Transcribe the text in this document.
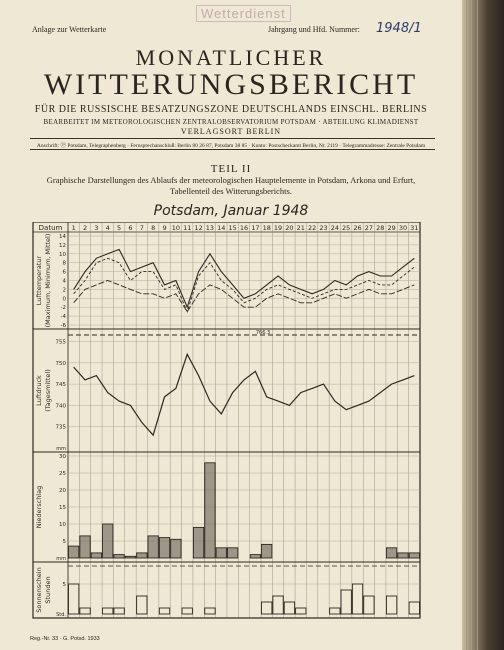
Anlage zur Wetterkarte	Jahrgang und Hfd. Nummer: 1948/1
Wetterdienst
MONATLICHER
WITTERUNGSBERICHT
FÜR DIE RUSSISCHE BESATZUNGSZONE DEUTSCHLANDS EINSCHL. BERLINS
BEARBEITET IM METEOROLOGISCHEN ZENTRALOBSERVATORIUM POTSDAM · ABTEILUNG KLIMADIENST
VERLAGSORT BERLIN
Anschrift: Ⓟ Potsdam, Telegraphenberg · Fernsprechanschluß: Berlin 80 26 87, Potsdam 38 85 · Konto: Postscheckamt Berlin, Nr. 2119 · Telegrammadresse: Zentrale Potsdam
TEIL II
Graphische Darstellungen des Ablaufs der meteorologischen Hauptelemente in Potsdam, Arkona und Erfurt,
Tabellenteil des Witterungsberichts.
Potsdam, Januar 1948
Datum 1 2 3 4 5 6 7 8 9 10 11 12 13 14 15 16 17 18 19 20 21 22 23 24 25 26 27 28 29 30 31
14
12
10
8
6
4
2
0
-2
-4
-6
Lufttemperatur (Maximum, Minimum, Mittel)
755
750
745
740
735
mm
Luftdruck (Tagesmittel)
766.3
30
25
20
15
10
5
mm
Niederschlag
5
Std.
Sonnenschein Stunden
Reg.-Nr. 33 · G. Potsd. 1933
